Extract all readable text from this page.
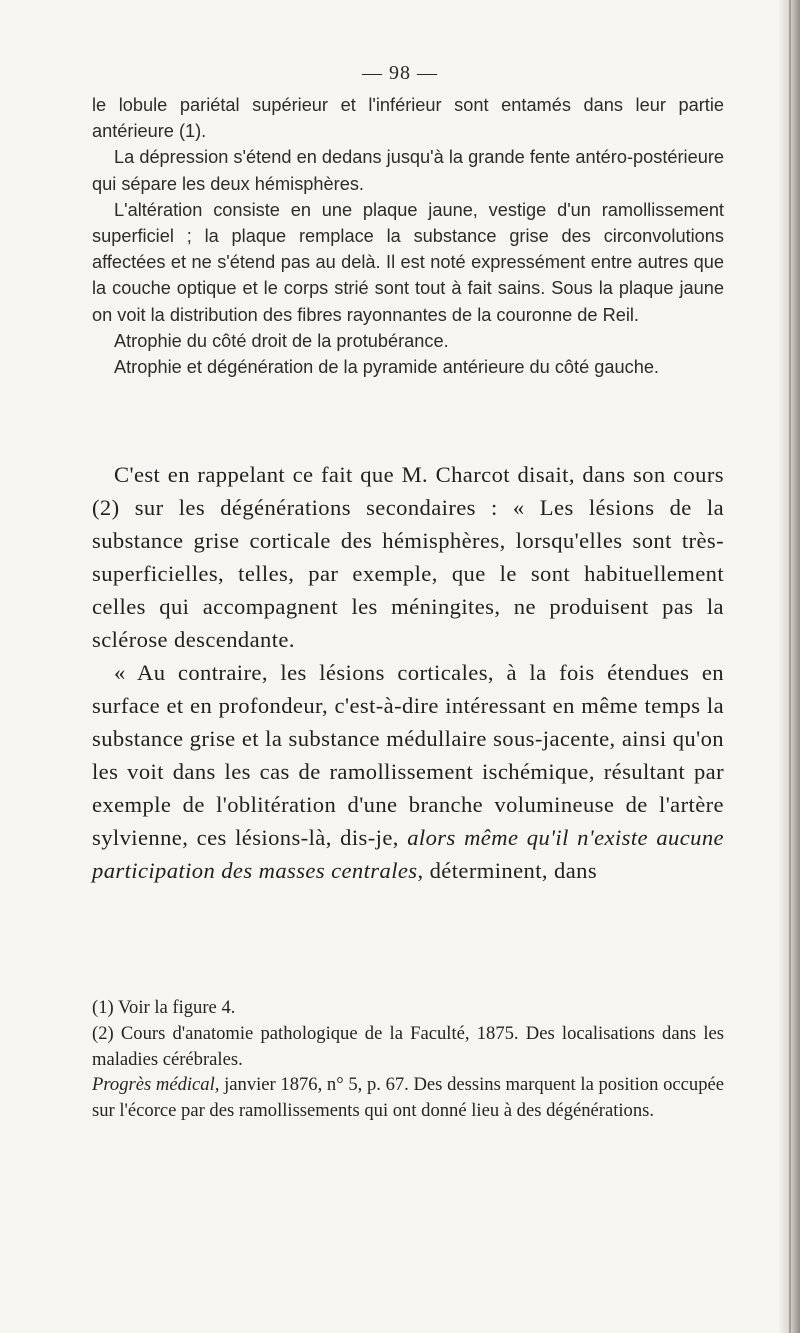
— 98 —

le lobule pariétal supérieur et l'inférieur sont entamés dans leur partie antérieure (1).

La dépression s'étend en dedans jusqu'à la grande fente antéro-postérieure qui sépare les deux hémisphères.

L'altération consiste en une plaque jaune, vestige d'un ramollissement superficiel ; la plaque remplace la substance grise des circonvolutions affectées et ne s'étend pas au delà. Il est noté expressément entre autres que la couche optique et le corps strié sont tout à fait sains. Sous la plaque jaune on voit la distribution des fibres rayonnantes de la couronne de Reil.

Atrophie du côté droit de la protubérance.

Atrophie et dégénération de la pyramide antérieure du côté gauche.

C'est en rappelant ce fait que M. Charcot disait, dans son cours (2) sur les dégénérations secondaires : « Les lésions de la substance grise corticale des hémisphères, lorsqu'elles sont très-superficielles, telles, par exemple, que le sont habituellement celles qui accompagnent les méningites, ne produisent pas la sclérose descendante.

« Au contraire, les lésions corticales, à la fois étendues en surface et en profondeur, c'est-à-dire intéressant en même temps la substance grise et la substance médullaire sous-jacente, ainsi qu'on les voit dans les cas de ramollissement ischémique, résultant par exemple de l'oblitération d'une branche volumineuse de l'artère sylvienne, ces lésions-là, dis-je, alors même qu'il n'existe aucune participation des masses centrales, déterminent, dans

(1) Voir la figure 4.

(2) Cours d'anatomie pathologique de la Faculté, 1875. Des localisations dans les maladies cérébrales.

Progrès médical, janvier 1876, n° 5, p. 67. Des dessins marquent la position occupée sur l'écorce par des ramollissements qui ont donné lieu à des dégénérations.
